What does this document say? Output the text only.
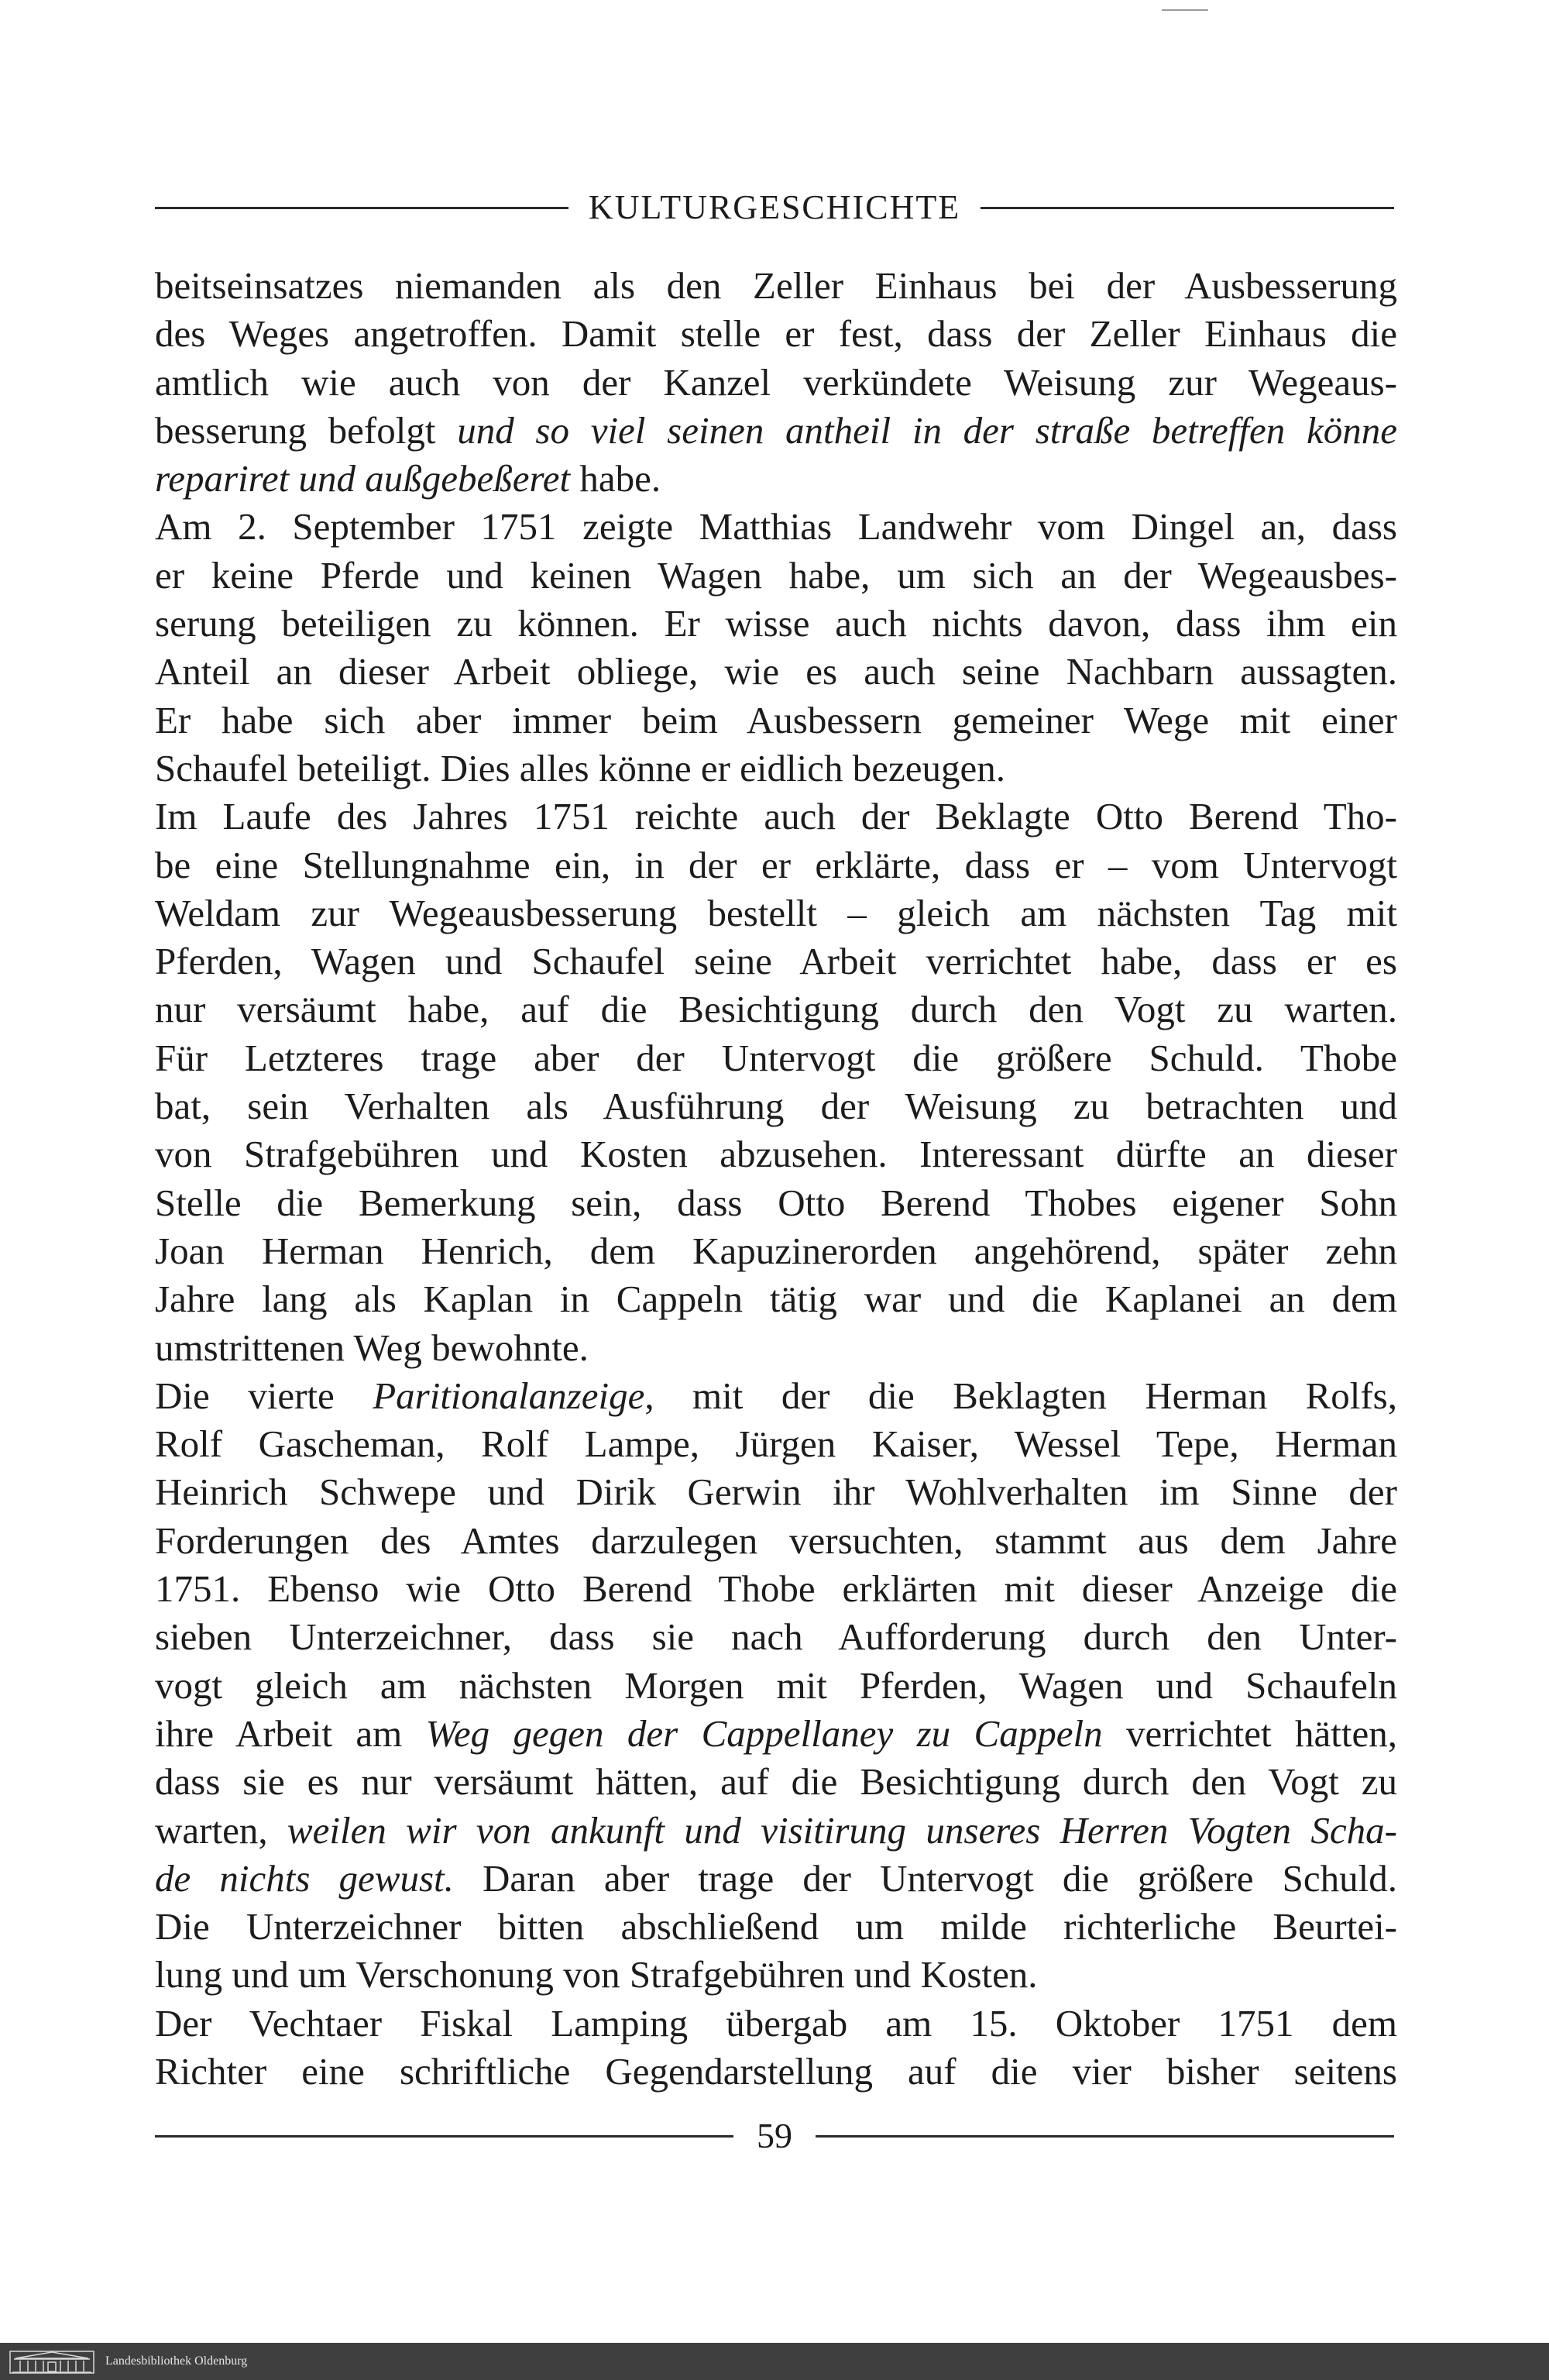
KULTURGESCHICHTE
beitseinsatzes niemanden als den Zeller Einhaus bei der Ausbesserung
des Weges angetroffen. Damit stelle er fest, dass der Zeller Einhaus die
amtlich wie auch von der Kanzel verkündete Weisung zur Wegeaus-
besserung befolgt und so viel seinen antheil in der straße betreffen könne
repariret und außgebeßeret habe.
Am 2. September 1751 zeigte Matthias Landwehr vom Dingel an, dass
er keine Pferde und keinen Wagen habe, um sich an der Wegeausbes-
serung beteiligen zu können. Er wisse auch nichts davon, dass ihm ein
Anteil an dieser Arbeit obliege, wie es auch seine Nachbarn aussagten.
Er habe sich aber immer beim Ausbessern gemeiner Wege mit einer
Schaufel beteiligt. Dies alles könne er eidlich bezeugen.
Im Laufe des Jahres 1751 reichte auch der Beklagte Otto Berend Tho-
be eine Stellungnahme ein, in der er erklärte, dass er – vom Untervogt
Weldam zur Wegeausbesserung bestellt – gleich am nächsten Tag mit
Pferden, Wagen und Schaufel seine Arbeit verrichtet habe, dass er es
nur versäumt habe, auf die Besichtigung durch den Vogt zu warten.
Für Letzteres trage aber der Untervogt die größere Schuld. Thobe
bat, sein Verhalten als Ausführung der Weisung zu betrachten und
von Strafgebühren und Kosten abzusehen. Interessant dürfte an dieser
Stelle die Bemerkung sein, dass Otto Berend Thobes eigener Sohn
Joan Herman Henrich, dem Kapuzinerorden angehörend, später zehn
Jahre lang als Kaplan in Cappeln tätig war und die Kaplanei an dem
umstrittenen Weg bewohnte.
Die vierte Paritionalanzeige, mit der die Beklagten Herman Rolfs,
Rolf Gascheman, Rolf Lampe, Jürgen Kaiser, Wessel Tepe, Herman
Heinrich Schwepe und Dirik Gerwin ihr Wohlverhalten im Sinne der
Forderungen des Amtes darzulegen versuchten, stammt aus dem Jahre
1751. Ebenso wie Otto Berend Thobe erklärten mit dieser Anzeige die
sieben Unterzeichner, dass sie nach Aufforderung durch den Unter-
vogt gleich am nächsten Morgen mit Pferden, Wagen und Schaufeln
ihre Arbeit am Weg gegen der Cappellaney zu Cappeln verrichtet hätten,
dass sie es nur versäumt hätten, auf die Besichtigung durch den Vogt zu
warten, weilen wir von ankunft und visitirung unseres Herren Vogten Scha-
de nichts gewust. Daran aber trage der Untervogt die größere Schuld.
Die Unterzeichner bitten abschließend um milde richterliche Beurtei-
lung und um Verschonung von Strafgebühren und Kosten.
Der Vechtaer Fiskal Lamping übergab am 15. Oktober 1751 dem
Richter eine schriftliche Gegendarstellung auf die vier bisher seitens
59
Landesbibliothek Oldenburg
